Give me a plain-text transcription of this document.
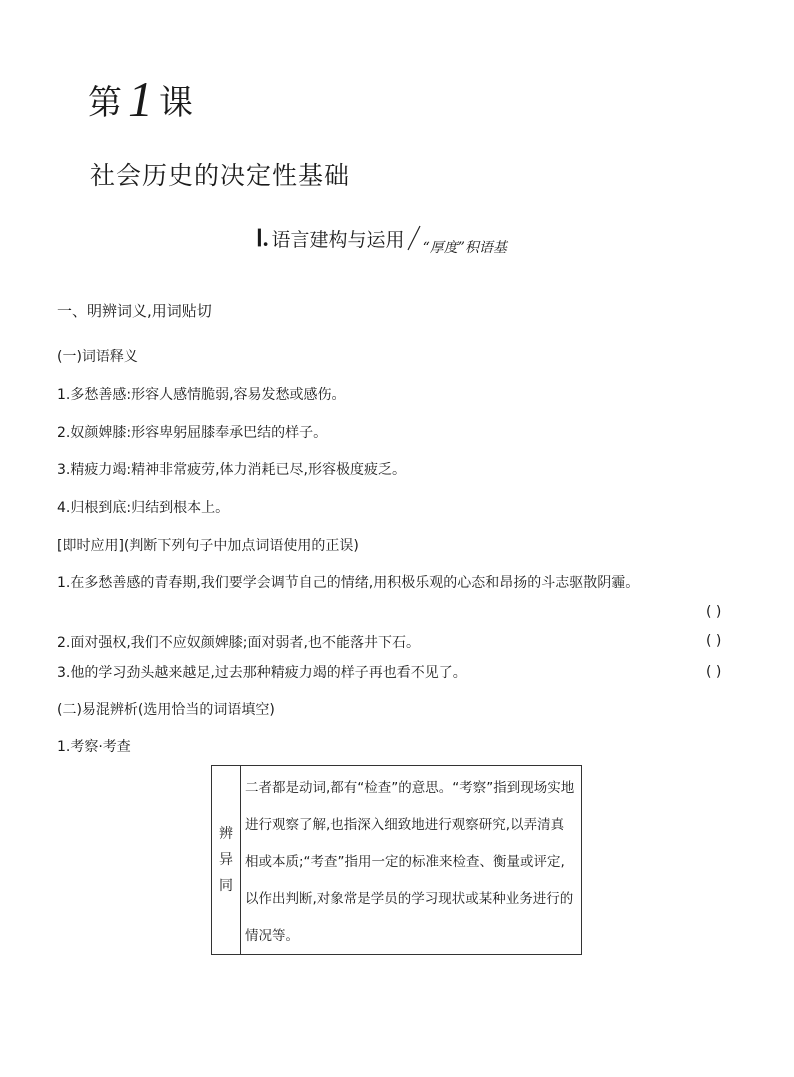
第 1 课
社会历史的决定性基础
Ⅰ. 语言建构与运用 $_{“厚度”积语基}$
一、明辨词义,用词贴切
(一)词语释义
1.多愁善感:形容人感情脆弱,容易发愁或感伤。
2.奴颜婢膝:形容卑躬屈膝奉承巴结的样子。
3.精疲力竭:精神非常疲劳,体力消耗已尽,形容极度疲乏。
4.归根到底:归结到根本上。
[即时应用](判断下列句子中加点词语使用的正误)
1.在多愁善感的青春期,我们要学会调节自己的情绪,用积极乐观的心态和昂扬的斗志驱散阴霾。
( )
2.面对强权,我们不应奴颜婢膝;面对弱者,也不能落井下石。	( )
3.他的学习劲头越来越足,过去那种精疲力竭的样子再也看不见了。	( )
(二)易混辨析(选用恰当的词语填空)
1.考察·考查
辨
异
同
二者都是动词,都有“检查”的意思。“考察”指到现场实地进行观察了解,也指深入细致地进行观察研究,以弄清真相或本质;“考查”指用一定的标准来检查、衡量或评定,以作出判断,对象常是学员的学习现状或某种业务进行的情况等。
